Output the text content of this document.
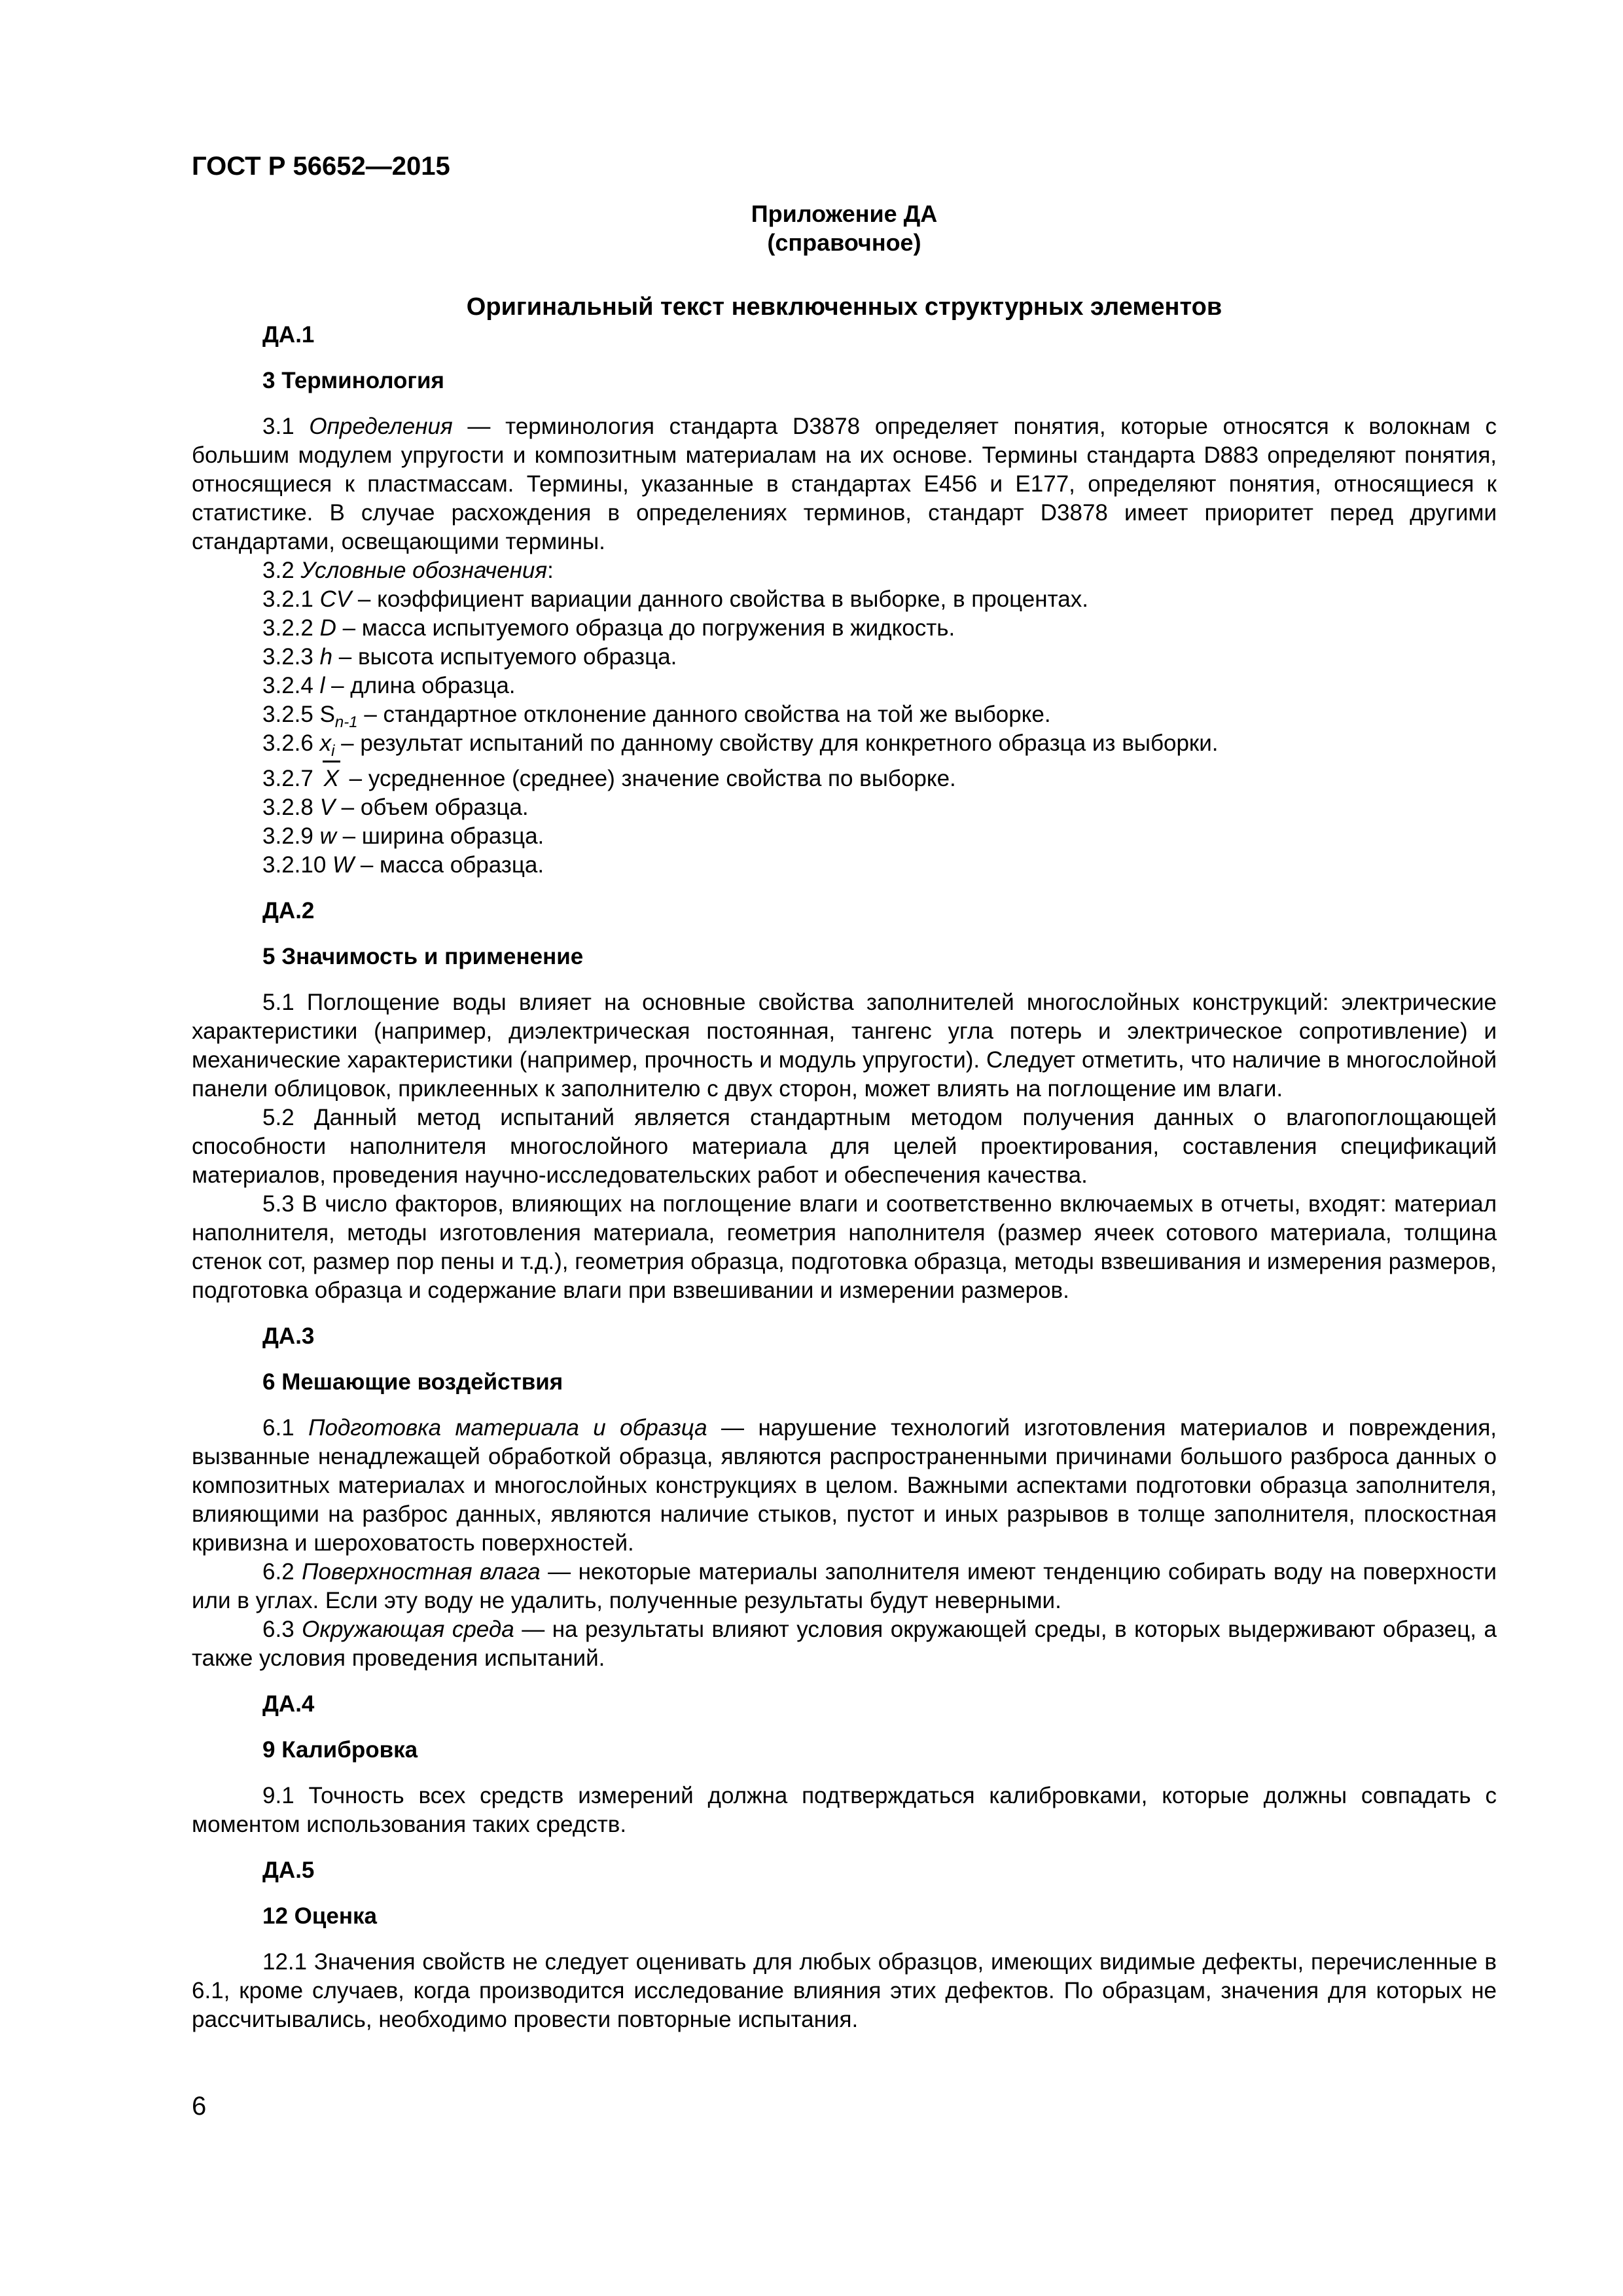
ГОСТ Р 56652—2015
Приложение ДА
(справочное)
Оригинальный текст невключенных структурных элементов
ДА.1
3 Терминология
3.1 Определения — терминология стандарта D3878 определяет понятия, которые относятся к волокнам с большим модулем упругости и композитным материалам на их основе. Термины стандарта D883 определяют понятия, относящиеся к пластмассам. Термины, указанные в стандартах E456 и E177, определяют понятия, относящиеся к статистике. В случае расхождения в определениях терминов, стандарт D3878 имеет приоритет перед другими стандартами, освещающими термины.
3.2 Условные обозначения:
3.2.1 CV – коэффициент вариации данного свойства в выборке, в процентах.
3.2.2 D – масса испытуемого образца до погружения в жидкость.
3.2.3 h – высота испытуемого образца.
3.2.4 l – длина образца.
3.2.5 $S_{n-1}$ – стандартное отклонение данного свойства на той же выборке.
3.2.6 $x_i$ – результат испытаний по данному свойству для конкретного образца из выборки.
3.2.7 X – усредненное (среднее) значение свойства по выборке.
3.2.8 V – объем образца.
3.2.9 w – ширина образца.
3.2.10 W – масса образца.
ДА.2
5 Значимость и применение
5.1 Поглощение воды влияет на основные свойства заполнителей многослойных конструкций: электрические характеристики (например, диэлектрическая постоянная, тангенс угла потерь и электрическое сопротивление) и механические характеристики (например, прочность и модуль упругости). Следует отметить, что наличие в многослойной панели облицовок, приклеенных к заполнителю с двух сторон, может влиять на поглощение им влаги.
5.2 Данный метод испытаний является стандартным методом получения данных о влагопоглощающей способности наполнителя многослойного материала для целей проектирования, составления спецификаций материалов, проведения научно-исследовательских работ и обеспечения качества.
5.3 В число факторов, влияющих на поглощение влаги и соответственно включаемых в отчеты, входят: материал наполнителя, методы изготовления материала, геометрия наполнителя (размер ячеек сотового материала, толщина стенок сот, размер пор пены и т.д.), геометрия образца, подготовка образца, методы взвешивания и измерения размеров, подготовка образца и содержание влаги при взвешивании и измерении размеров.
ДА.3
6 Мешающие воздействия
6.1 Подготовка материала и образца — нарушение технологий изготовления материалов и повреждения, вызванные ненадлежащей обработкой образца, являются распространенными причинами большого разброса данных о композитных материалах и многослойных конструкциях в целом. Важными аспектами подготовки образца заполнителя, влияющими на разброс данных, являются наличие стыков, пустот и иных разрывов в толще заполнителя, плоскостная кривизна и шероховатость поверхностей.
6.2 Поверхностная влага — некоторые материалы заполнителя имеют тенденцию собирать воду на поверхности или в углах. Если эту воду не удалить, полученные результаты будут неверными.
6.3 Окружающая среда — на результаты влияют условия окружающей среды, в которых выдерживают образец, а также условия проведения испытаний.
ДА.4
9 Калибровка
9.1 Точность всех средств измерений должна подтверждаться калибровками, которые должны совпадать с моментом использования таких средств.
ДА.5
12 Оценка
12.1 Значения свойств не следует оценивать для любых образцов, имеющих видимые дефекты, перечисленные в 6.1, кроме случаев, когда производится исследование влияния этих дефектов. По образцам, значения для которых не рассчитывались, необходимо провести повторные испытания.
6
